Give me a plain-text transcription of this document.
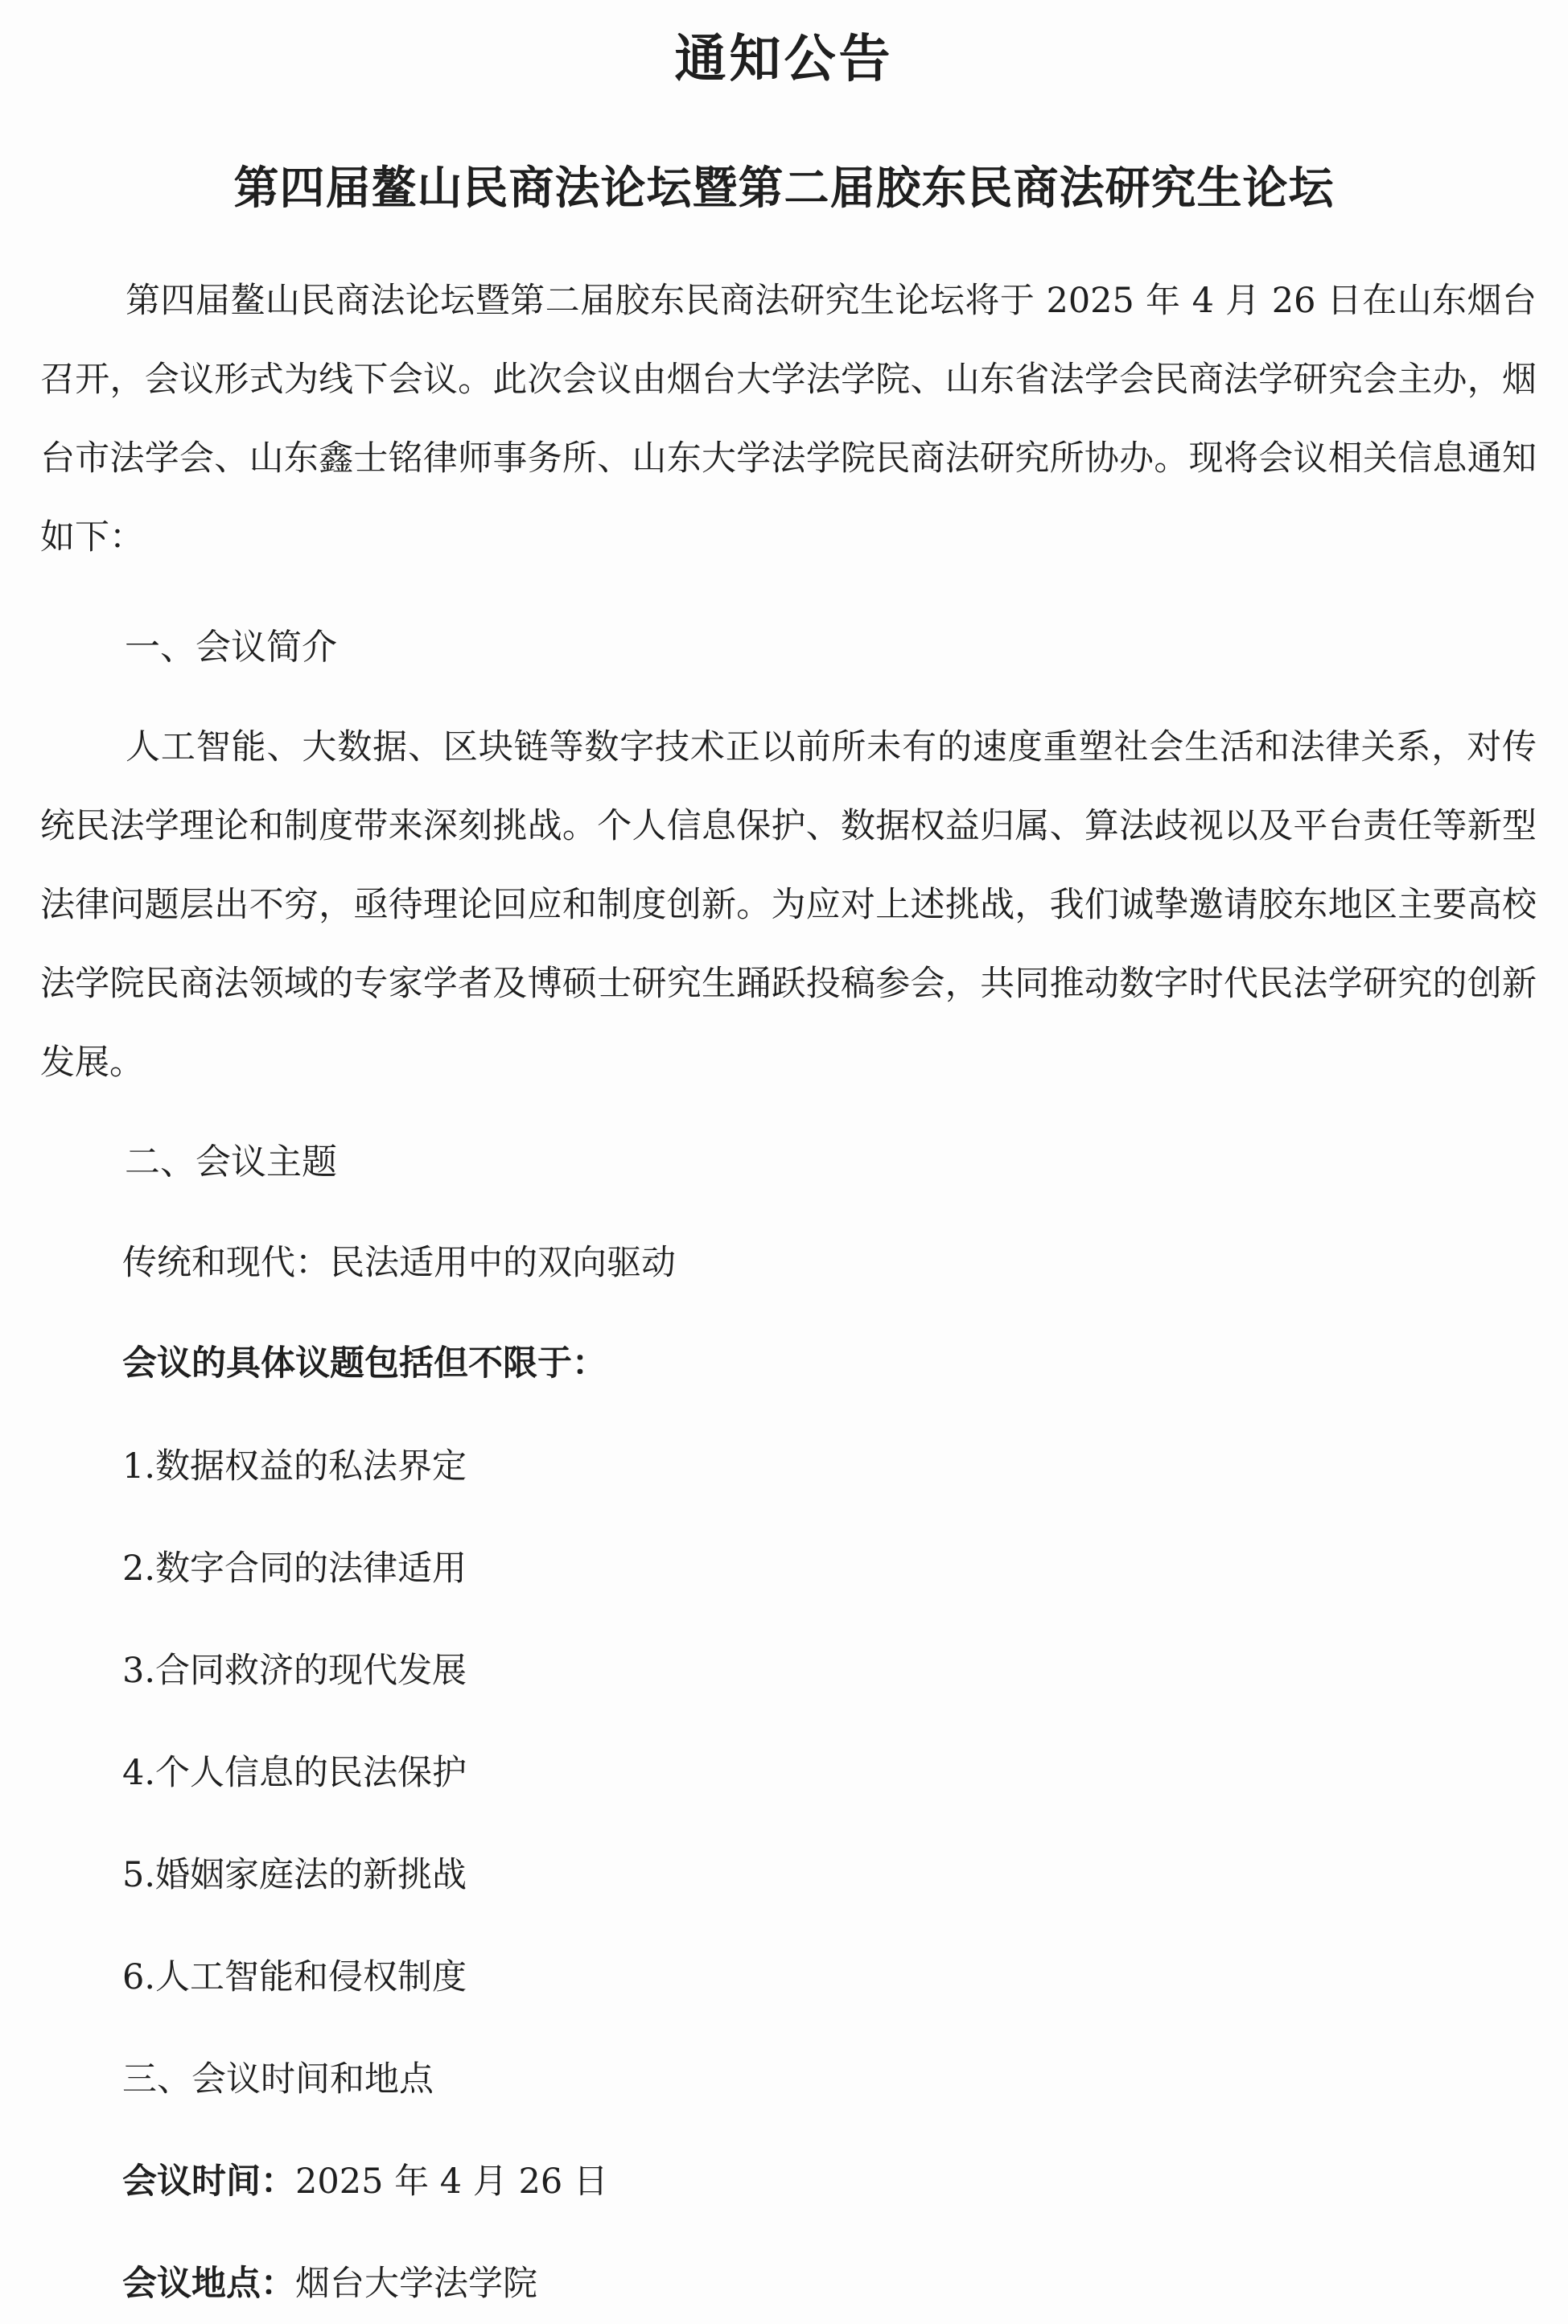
通知公告
第四届鳌山民商法论坛暨第二届胶东民商法研究生论坛

第四届鳌山民商法论坛暨第二届胶东民商法研究生论坛将于 2025 年 4 月 26 日在山东烟台召开，会议形式为线下会议。此次会议由烟台大学法学院、山东省法学会民商法学研究会主办，烟台市法学会、山东鑫士铭律师事务所、山东大学法学院民商法研究所协办。现将会议相关信息通知如下：

一、会议简介

人工智能、大数据、区块链等数字技术正以前所未有的速度重塑社会生活和法律关系，对传统民法学理论和制度带来深刻挑战。个人信息保护、数据权益归属、算法歧视以及平台责任等新型法律问题层出不穷，亟待理论回应和制度创新。为应对上述挑战，我们诚挚邀请胶东地区主要高校法学院民商法领域的专家学者及博硕士研究生踊跃投稿参会，共同推动数字时代民法学研究的创新发展。

二、会议主题
传统和现代：民法适用中的双向驱动
会议的具体议题包括但不限于：
1.数据权益的私法界定
2.数字合同的法律适用
3.合同救济的现代发展
4.个人信息的民法保护
5.婚姻家庭法的新挑战
6.人工智能和侵权制度
三、会议时间和地点
会议时间：2025 年 4 月 26 日
会议地点：烟台大学法学院
